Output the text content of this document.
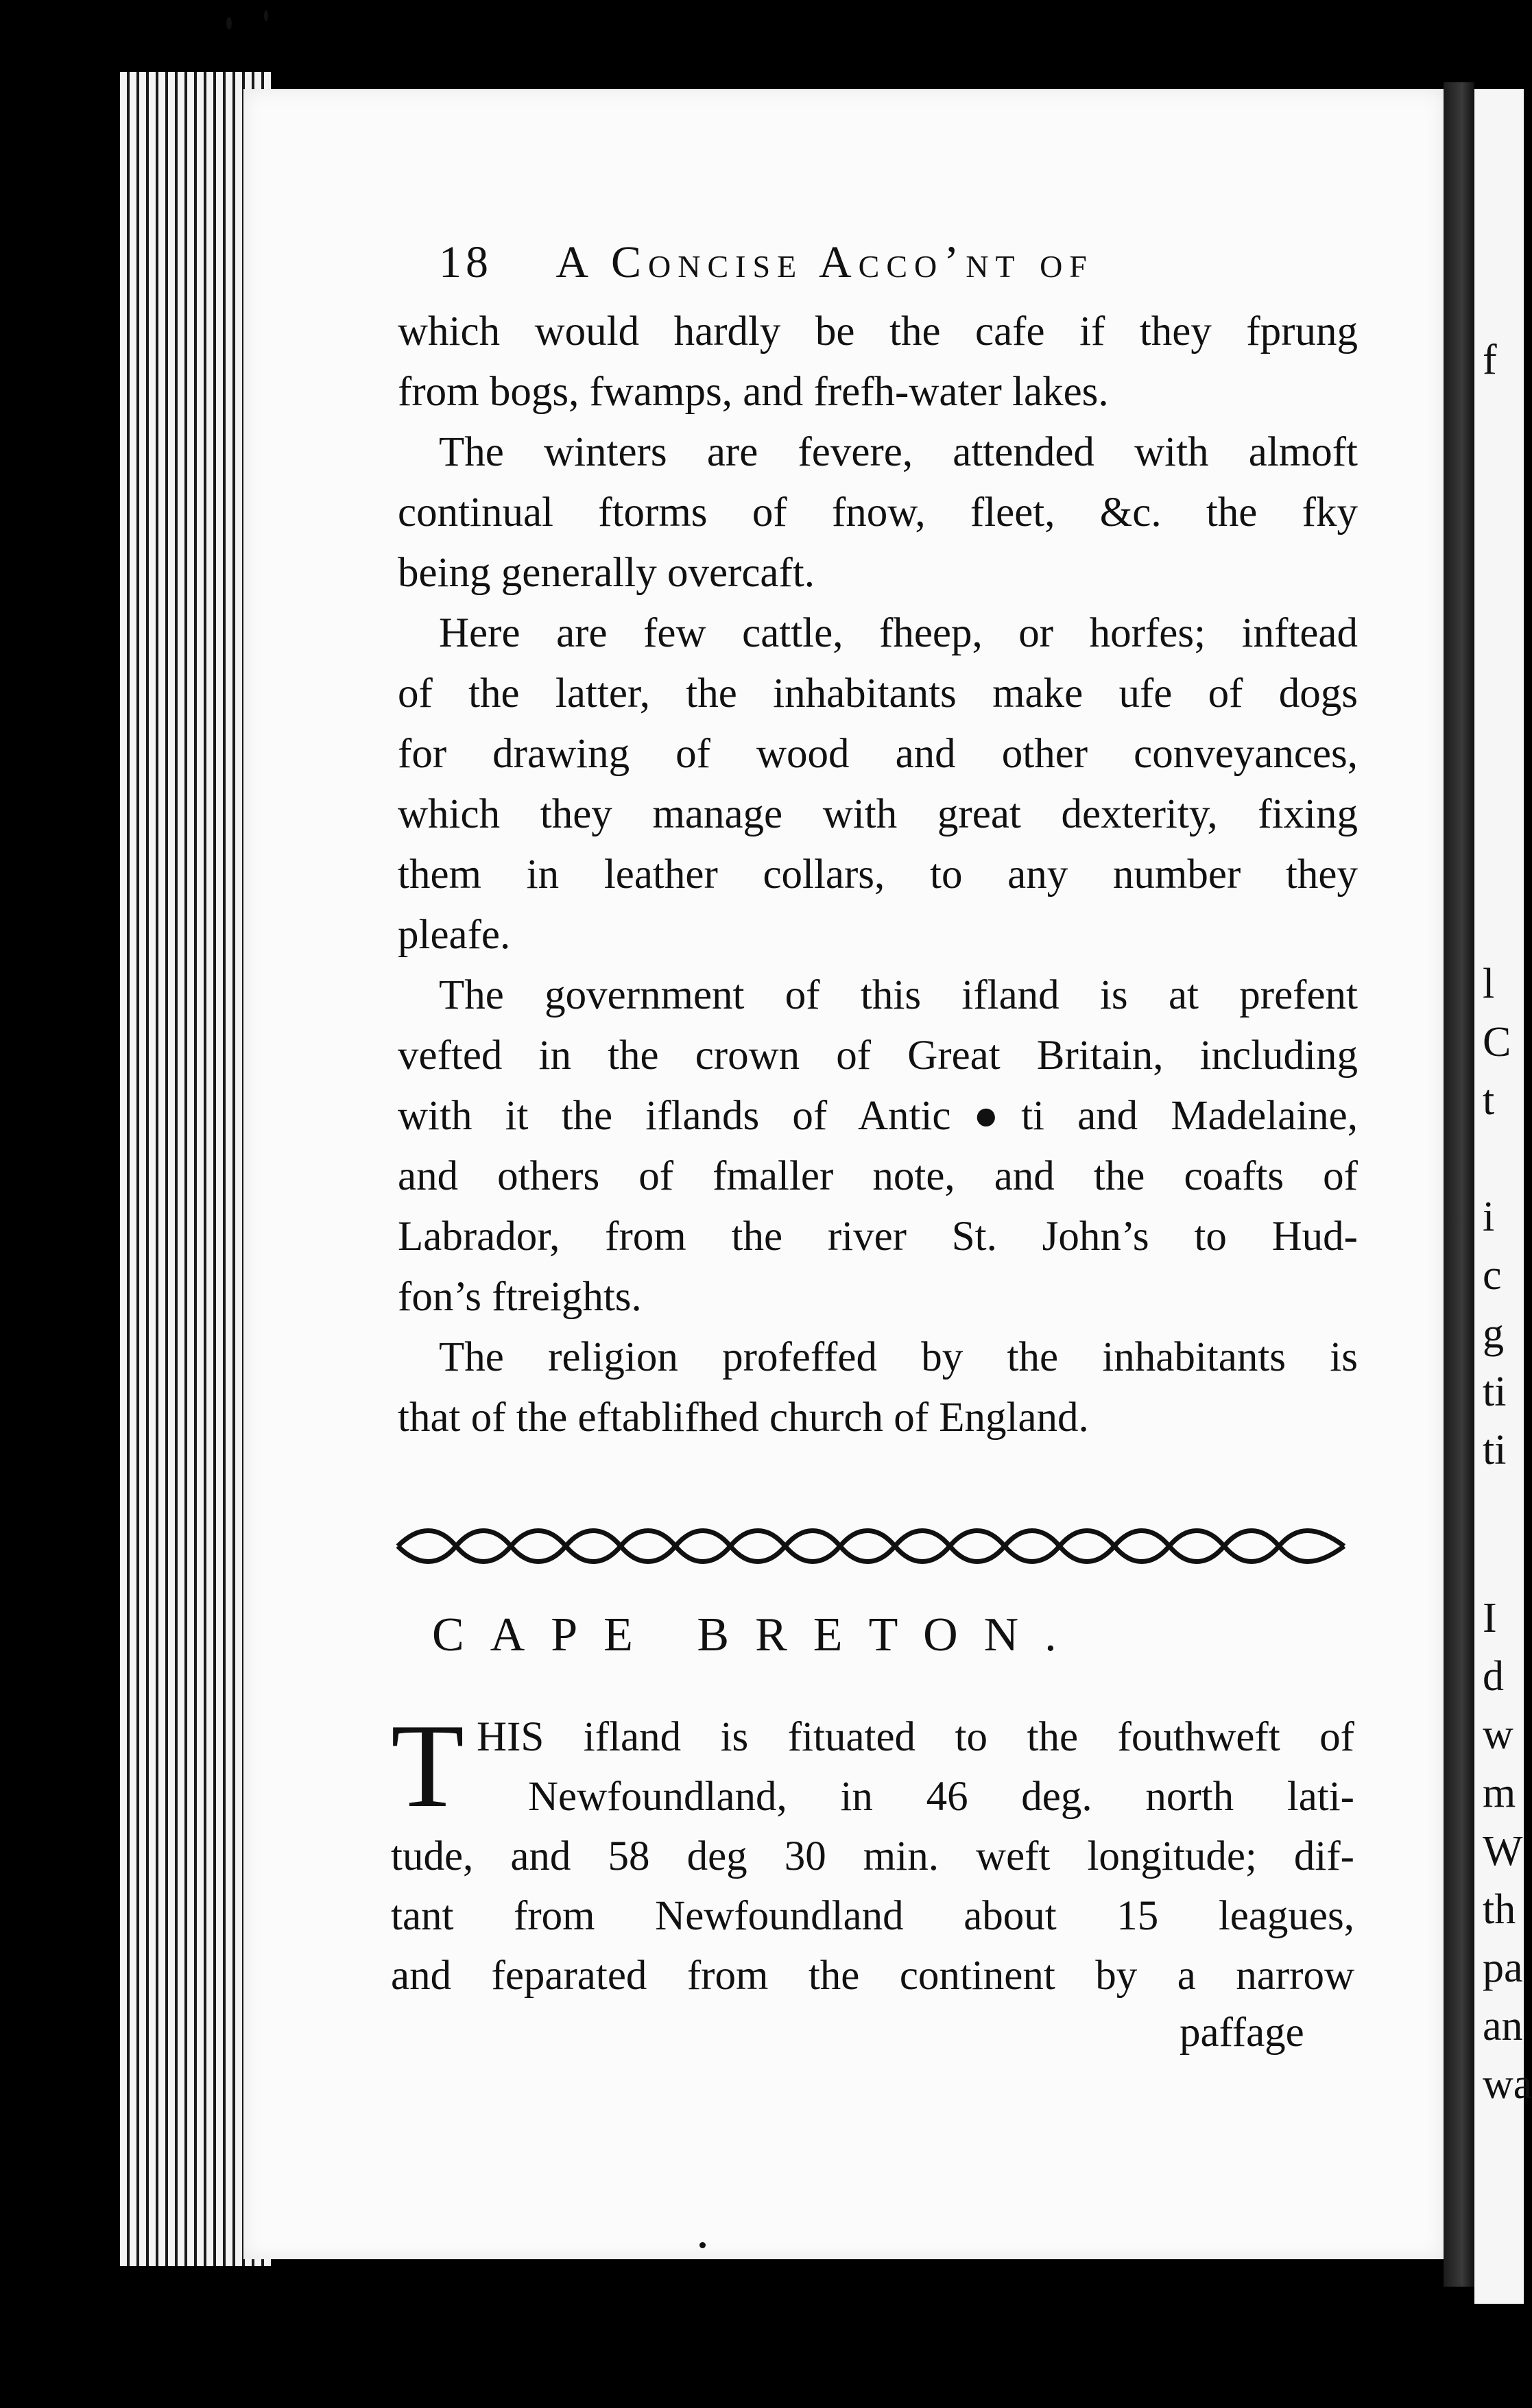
f
l
C
t
i
c
g
ti
ti
I
d
w
m
W
th
pa
an
wa
18 A Concise Acco’nt of
which would hardly be the cafe if they fprung
from bogs, fwamps, and frefh-water lakes.
The winters are fevere, attended with almoft
continual ftorms of fnow, fleet, &c. the fky
being generally overcaft.
Here are few cattle, fheep, or horfes; inftead
of the latter, the inhabitants make ufe of dogs
for drawing of wood and other conveyances,
which they manage with great dexterity, fixing
them in leather collars, to any number they
pleafe.
The government of this ifland is at prefent
vefted in the crown of Great Britain, including
with it the iflands of Antic●ti and Madelaine,
and others of fmaller note, and the coafts of
Labrador, from the river St. John’s to Hud-
fon’s ftreights.
The religion profeffed by the inhabitants is
that of the eftablifhed church of England.
CAPE BRETON.
T HIS ifland is fituated to the fouthweft of
Newfoundland, in 46 deg. north lati-
tude, and 58 deg 30 min. weft longitude; dif-
tant from Newfoundland about 15 leagues,
and feparated from the continent by a narrow
paffage
